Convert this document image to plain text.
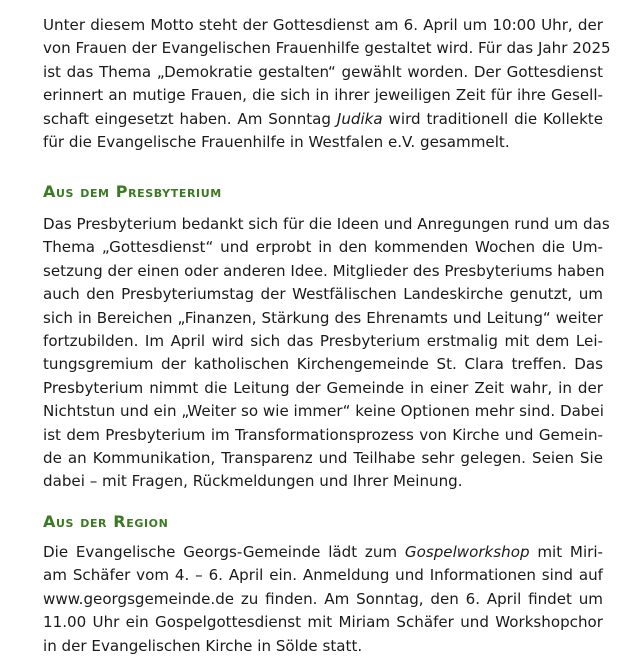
Unter diesem Motto steht der Gottesdienst am 6. April um 10:00 Uhr, der
von Frauen der Evangelischen Frauenhilfe gestaltet wird. Für das Jahr 2025
ist das Thema „Demokratie gestalten“ gewählt worden. Der Gottesdienst
erinnert an mutige Frauen, die sich in ihrer jeweiligen Zeit für ihre Gesell-
schaft eingesetzt haben. Am Sonntag Judika wird traditionell die Kollekte
für die Evangelische Frauenhilfe in Westfalen e.V. gesammelt.

Aus dem Presbyterium

Das Presbyterium bedankt sich für die Ideen und Anregungen rund um das
Thema „Gottesdienst“ und erprobt in den kommenden Wochen die Um-
setzung der einen oder anderen Idee. Mitglieder des Presbyteriums haben
auch den Presbyteriumstag der Westfälischen Landeskirche genutzt, um
sich in Bereichen „Finanzen, Stärkung des Ehrenamts und Leitung“ weiter
fortzubilden. Im April wird sich das Presbyterium erstmalig mit dem Lei-
tungsgremium der katholischen Kirchengemeinde St. Clara treffen. Das
Presbyterium nimmt die Leitung der Gemeinde in einer Zeit wahr, in der
Nichtstun und ein „Weiter so wie immer“ keine Optionen mehr sind. Dabei
ist dem Presbyterium im Transformationsprozess von Kirche und Gemein-
de an Kommunikation, Transparenz und Teilhabe sehr gelegen. Seien Sie
dabei – mit Fragen, Rückmeldungen und Ihrer Meinung.

Aus der Region

Die Evangelische Georgs-Gemeinde lädt zum Gospelworkshop mit Miri-
am Schäfer vom 4. – 6. April ein. Anmeldung und Informationen sind auf
www.georgsgemeinde.de zu finden. Am Sonntag, den 6. April findet um
11.00 Uhr ein Gospelgottesdienst mit Miriam Schäfer und Workshopchor
in der Evangelischen Kirche in Sölde statt.
